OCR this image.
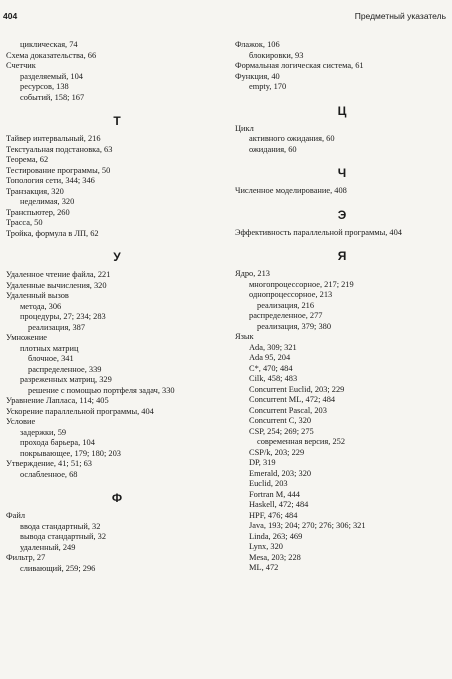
404	Предметный указатель
циклическая, 74
Схема доказательства, 66
Счетчик
разделяемый, 104
ресурсов, 138
событий, 158; 167
Т
Тайвер интервальный, 216
Текстуальная подстановка, 63
Теорема, 62
Тестирование программы, 50
Топология сети, 344; 346
Транзакция, 320
неделимая, 320
Транспьютер, 260
Трасса, 50
Тройка, формула в ЛП, 62
У
Удаленное чтение файла, 221
Удаленные вычисления, 320
Удаленный вызов
метода, 306
процедуры, 27; 234; 283
реализация, 387
Умножение
плотных матриц
блочное, 341
распределенное, 339
разреженных матриц, 329
решение с помощью портфеля задач, 330
Уравнение Лапласа, 114; 405
Ускорение параллельной программы, 404
Условие
задержки, 59
прохода барьера, 104
покрывающее, 179; 180; 203
Утверждение, 41; 51; 63
ослабленное, 68
Ф
Файл
вводa стандартный, 32
вывода стандартный, 32
удаленный, 249
Фильтр, 27
сливающий, 259; 296
Флажок, 106
блокировки, 93
Формальная логическая система, 61
Функция, 40
empty, 170
Ц
Цикл
активного ожидания, 60
ожидания, 60
Ч
Численное моделирование, 408
Э
Эффективность параллельной программы, 404
Я
Ядро, 213
многопроцессорное, 217; 219
однопроцессорное, 213
реализация, 216
распределенное, 277
реализация, 379; 380
Язык
Ada, 309; 321
Ada 95, 204
C*, 470; 484
Cilk, 458; 483
Concurrent Euclid, 203; 229
Concurrent ML, 472; 484
Concurrent Pascal, 203
Concurrent C, 320
CSP, 254; 269; 275
современная версия, 252
CSP/k, 203; 229
DP, 319
Emerald, 203; 320
Euclid, 203
Fortran M, 444
Haskell, 472; 484
HPF, 476; 484
Java, 193; 204; 270; 276; 306; 321
Linda, 263; 469
Lynx, 320
Mesa, 203; 228
ML, 472
